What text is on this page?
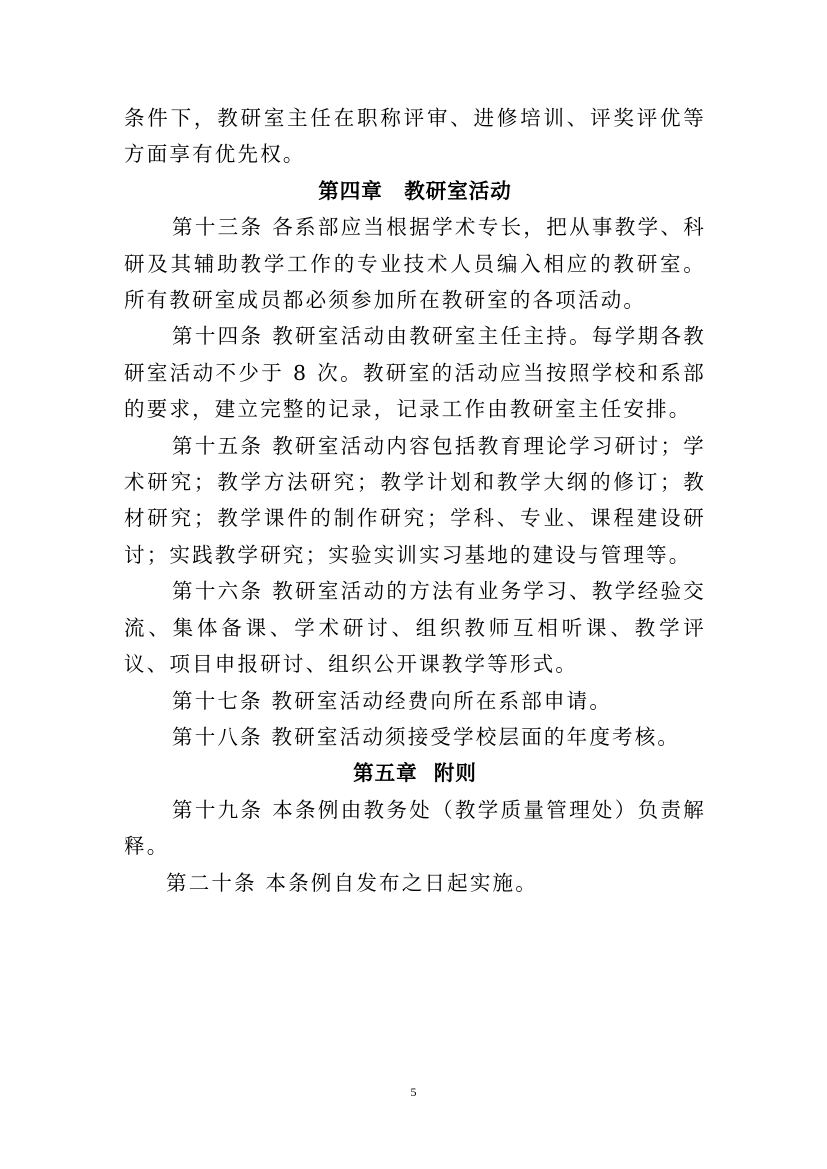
条件下，教研室主任在职称评审、进修培训、评奖评优等方面享有优先权。

第四章　教研室活动

第十三条 各系部应当根据学术专长，把从事教学、科研及其辅助教学工作的专业技术人员编入相应的教研室。所有教研室成员都必须参加所在教研室的各项活动。

第十四条 教研室活动由教研室主任主持。每学期各教研室活动不少于 8 次。教研室的活动应当按照学校和系部的要求，建立完整的记录，记录工作由教研室主任安排。

第十五条 教研室活动内容包括教育理论学习研讨；学术研究；教学方法研究；教学计划和教学大纲的修订；教材研究；教学课件的制作研究；学科、专业、课程建设研讨；实践教学研究；实验实训实习基地的建设与管理等。

第十六条 教研室活动的方法有业务学习、教学经验交流、集体备课、学术研讨、组织教师互相听课、教学评议、项目申报研讨、组织公开课教学等形式。

第十七条 教研室活动经费向所在系部申请。

第十八条 教研室活动须接受学校层面的年度考核。

第五章  附则

第十九条 本条例由教务处（教学质量管理处）负责解释。

第二十条 本条例自发布之日起实施。

5
